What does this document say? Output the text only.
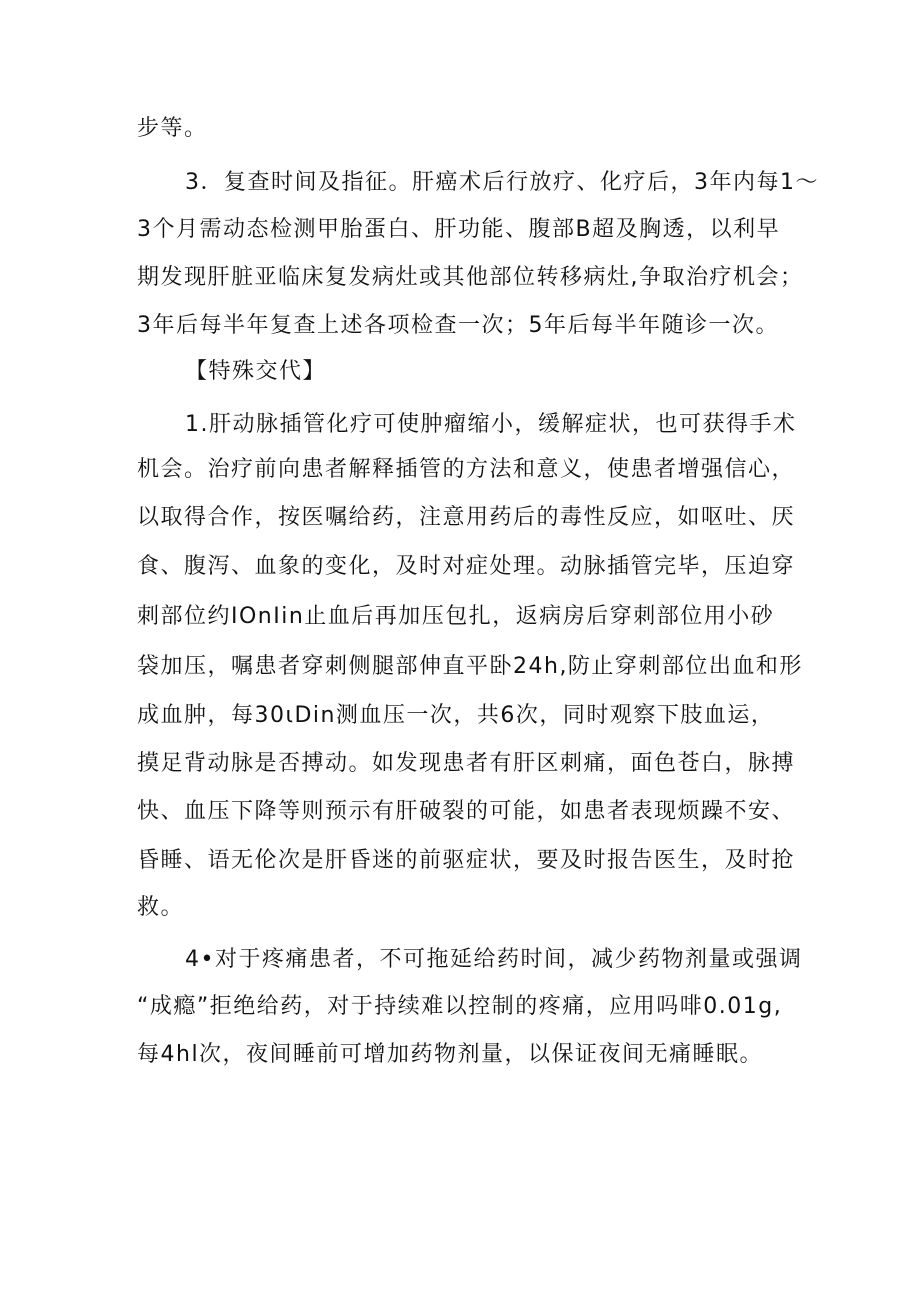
步等。
3．复查时间及指征。肝癌术后行放疗、化疗后，3年内每1～
3个月需动态检测甲胎蛋白、肝功能、腹部B超及胸透，以利早
期发现肝脏亚临床复发病灶或其他部位转移病灶,争取治疗机会；
3年后每半年复查上述各项检查一次；5年后每半年随诊一次。
【特殊交代】
1.肝动脉插管化疗可使肿瘤缩小，缓解症状，也可获得手术
机会。治疗前向患者解释插管的方法和意义，使患者增强信心，
以取得合作，按医嘱给药，注意用药后的毒性反应，如呕吐、厌
食、腹泻、血象的变化，及时对症处理。动脉插管完毕，压迫穿
刺部位约IOnIin止血后再加压包扎，返病房后穿刺部位用小砂
袋加压，嘱患者穿刺侧腿部伸直平卧24h,防止穿刺部位出血和形
成血肿，每30ιDin测血压一次，共6次，同时观察下肢血运，
摸足背动脉是否搏动。如发现患者有肝区刺痛，面色苍白，脉搏
快、血压下降等则预示有肝破裂的可能，如患者表现烦躁不安、
昏睡、语无伦次是肝昏迷的前驱症状，要及时报告医生，及时抢
救。
4•对于疼痛患者，不可拖延给药时间，减少药物剂量或强调
“成瘾”拒绝给药，对于持续难以控制的疼痛，应用吗啡0.01g,
每4hl次，夜间睡前可增加药物剂量，以保证夜间无痛睡眠。
